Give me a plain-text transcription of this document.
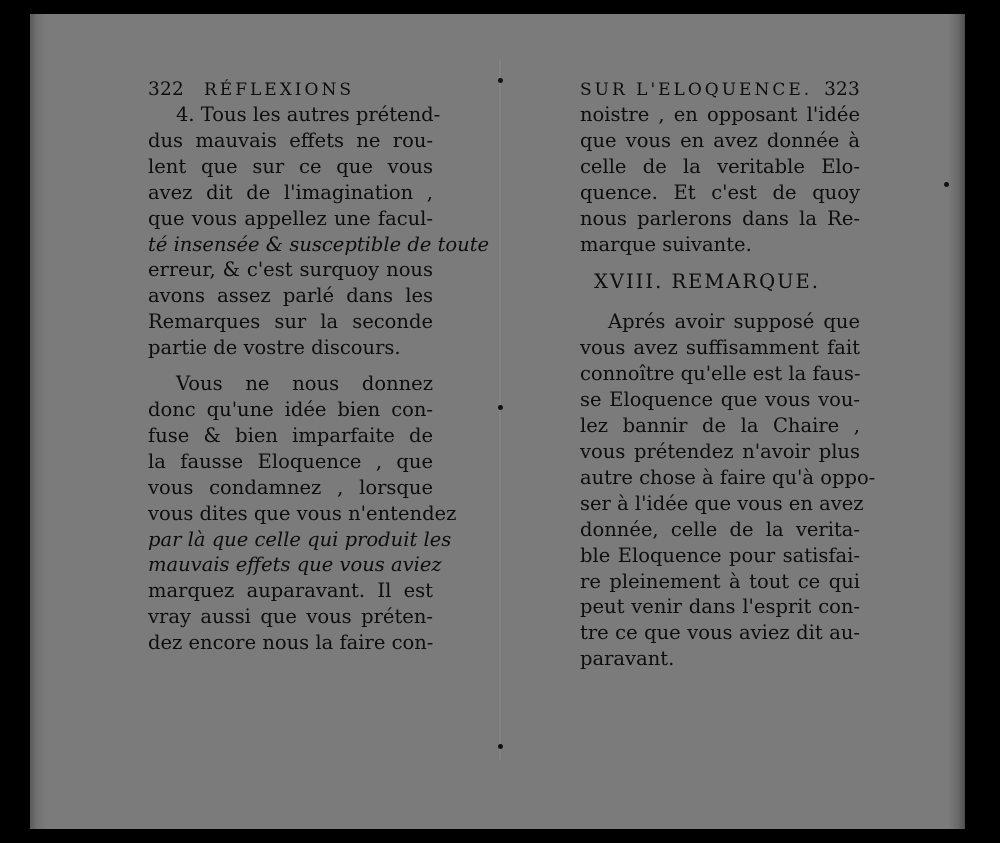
322 RÉFLEXIONS
4. Tous les autres prétend-
dus mauvais effets ne rou-
lent que sur ce que vous
avez dit de l'imagination ,
que vous appellez une facul-
té insensée & susceptible de toute
erreur, & c'est surquoy nous
avons assez parlé dans les
Remarques sur la seconde
partie de vostre discours.
Vous ne nous donnez
donc qu'une idée bien con-
fuse & bien imparfaite de
la fausse Eloquence , que
vous condamnez , lorsque
vous dites que vous n'entendez
par là que celle qui produit les
mauvais effets que vous aviez
marquez auparavant. Il est
vray aussi que vous préten-
dez encore nous la faire con-
SUR L'ELOQUENCE. 323
noistre , en opposant l'idée
que vous en avez donnée à
celle de la veritable Elo-
quence. Et c'est de quoy
nous parlerons dans la Re-
marque suivante.
XVIII. REMARQUE.
Aprés avoir supposé que
vous avez suffisamment fait
connoître qu'elle est la faus-
se Eloquence que vous vou-
lez bannir de la Chaire ,
vous prétendez n'avoir plus
autre chose à faire qu'à oppo-
ser à l'idée que vous en avez
donnée, celle de la verita-
ble Eloquence pour satisfai-
re pleinement à tout ce qui
peut venir dans l'esprit con-
tre ce que vous aviez dit au-
paravant.
